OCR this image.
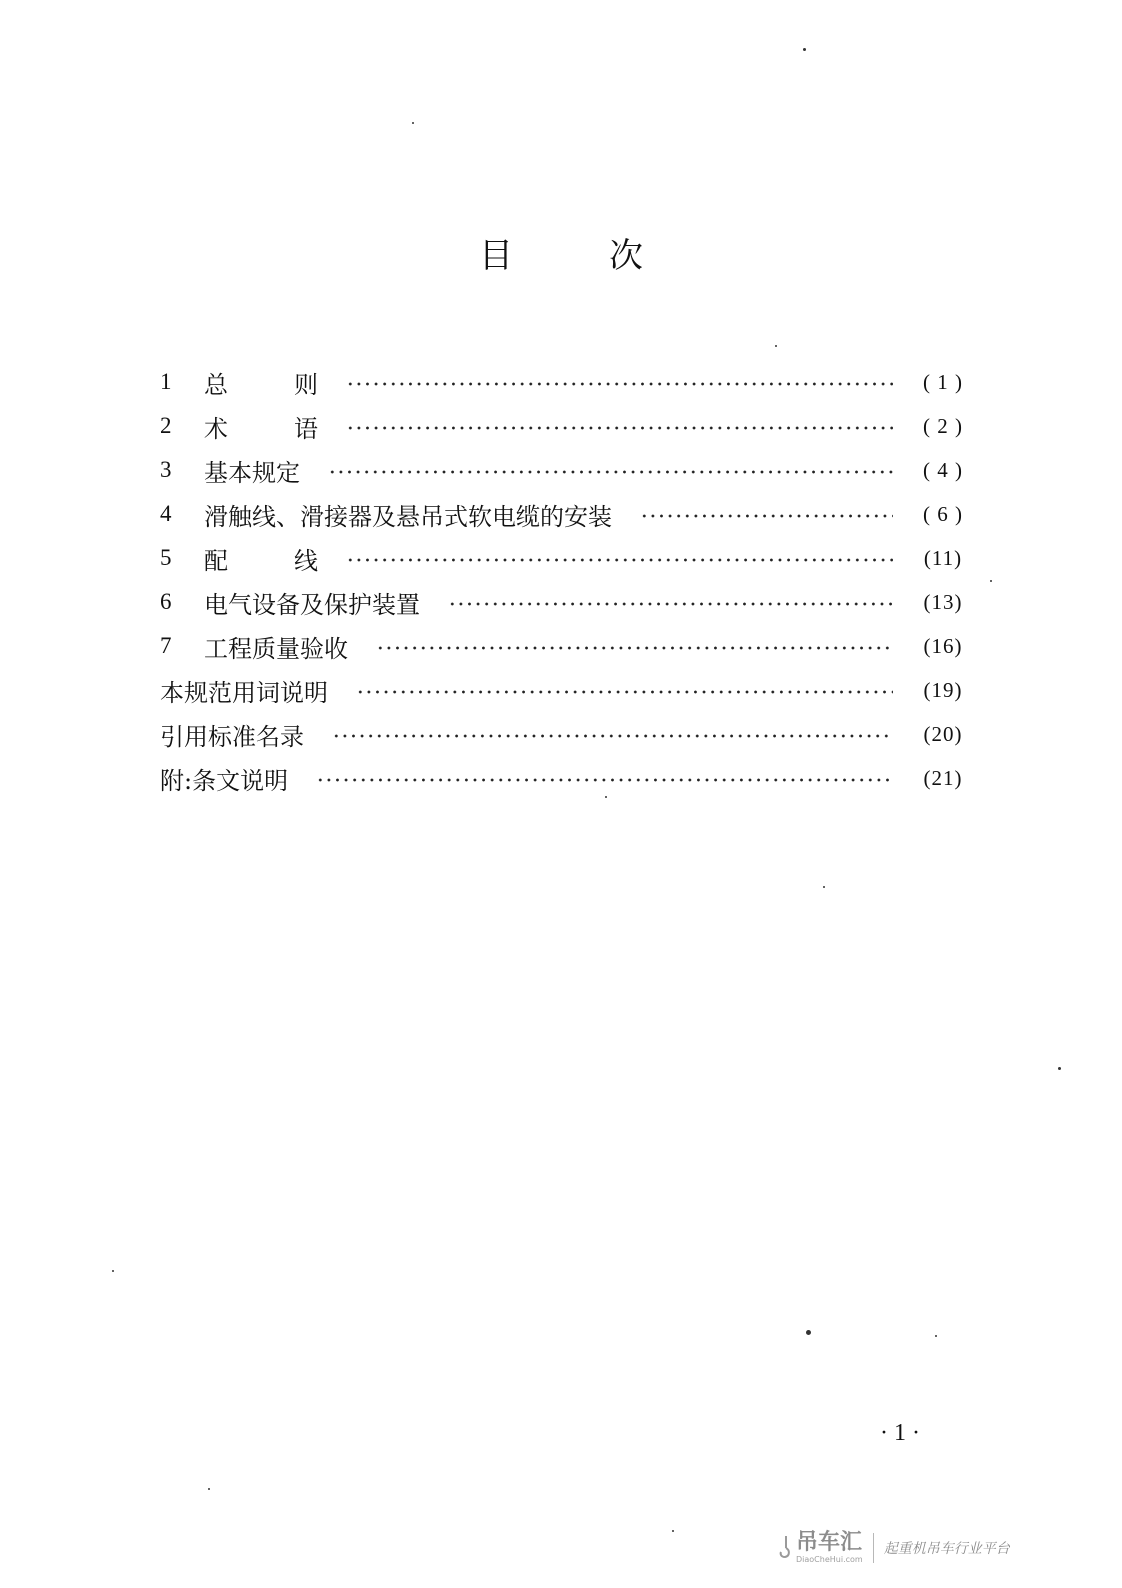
目	次
1	总	则	( 1 )
2	术	语	( 2 )
3	基本规定	( 4 )
4	滑触线、滑接器及悬吊式软电缆的安装	( 6 )
5	配	线	(11)
6	电气设备及保护装置	(13)
7	工程质量验收	(16)
本规范用词说明	(19)
引用标准名录	(20)
附:条文说明	(21)
· 1 ·
吊车汇
DiaoCheHui.com
起重机吊车行业平台
